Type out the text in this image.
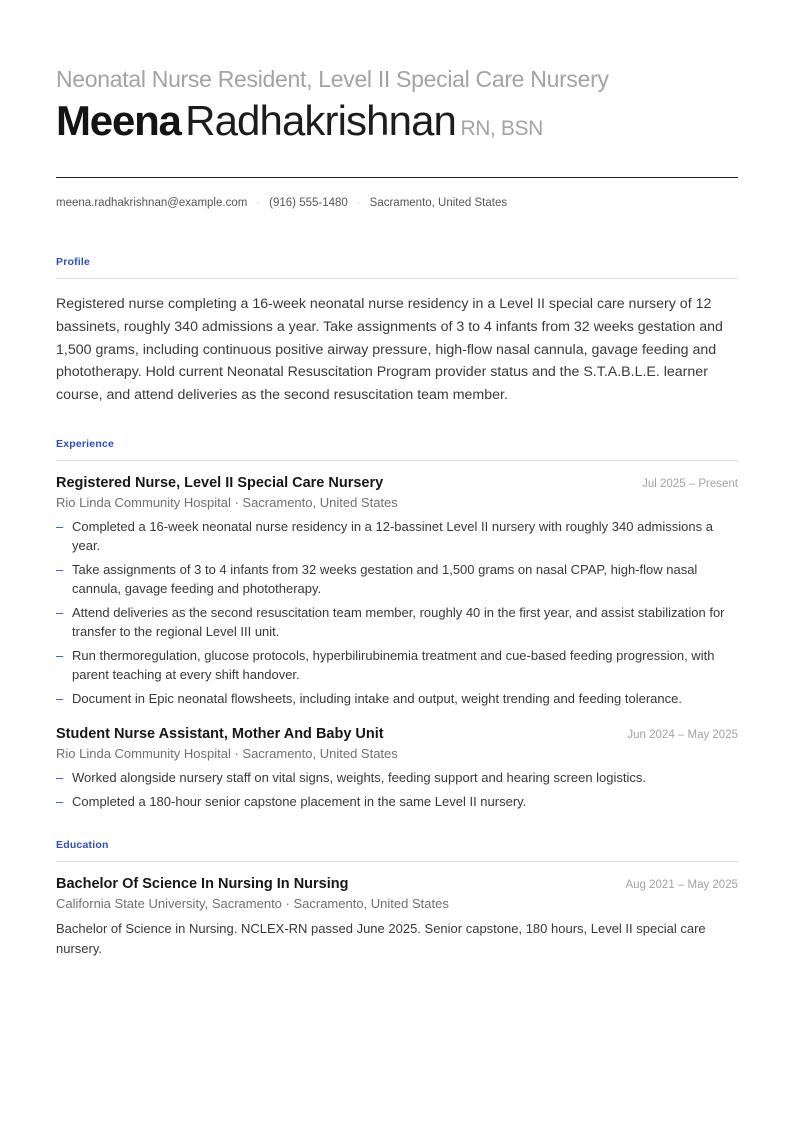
Neonatal Nurse Resident, Level II Special Care Nursery
Meena Radhakrishnan RN, BSN
meena.radhakrishnan@example.com · (916) 555-1480 · Sacramento, United States
Profile

Registered nurse completing a 16-week neonatal nurse residency in a Level II special care nursery of 12 bassinets, roughly 340 admissions a year. Take assignments of 3 to 4 infants from 32 weeks gestation and 1,500 grams, including continuous positive airway pressure, high-flow nasal cannula, gavage feeding and phototherapy. Hold current Neonatal Resuscitation Program provider status and the S.T.A.B.L.E. learner course, and attend deliveries as the second resuscitation team member.

Experience
Registered Nurse, Level II Special Care Nursery	Jul 2025 – Present
Rio Linda Community Hospital · Sacramento, United States
– Completed a 16-week neonatal nurse residency in a 12-bassinet Level II nursery with roughly 340 admissions a year.
– Take assignments of 3 to 4 infants from 32 weeks gestation and 1,500 grams on nasal CPAP, high-flow nasal cannula, gavage feeding and phototherapy.
– Attend deliveries as the second resuscitation team member, roughly 40 in the first year, and assist stabilization for transfer to the regional Level III unit.
– Run thermoregulation, glucose protocols, hyperbilirubinemia treatment and cue-based feeding progression, with parent teaching at every shift handover.
– Document in Epic neonatal flowsheets, including intake and output, weight trending and feeding tolerance.
Student Nurse Assistant, Mother And Baby Unit	Jun 2024 – May 2025
Rio Linda Community Hospital · Sacramento, United States
– Worked alongside nursery staff on vital signs, weights, feeding support and hearing screen logistics.
– Completed a 180-hour senior capstone placement in the same Level II nursery.
Education
Bachelor Of Science In Nursing In Nursing	Aug 2021 – May 2025
California State University, Sacramento · Sacramento, United States
Bachelor of Science in Nursing. NCLEX-RN passed June 2025. Senior capstone, 180 hours, Level II special care nursery.
